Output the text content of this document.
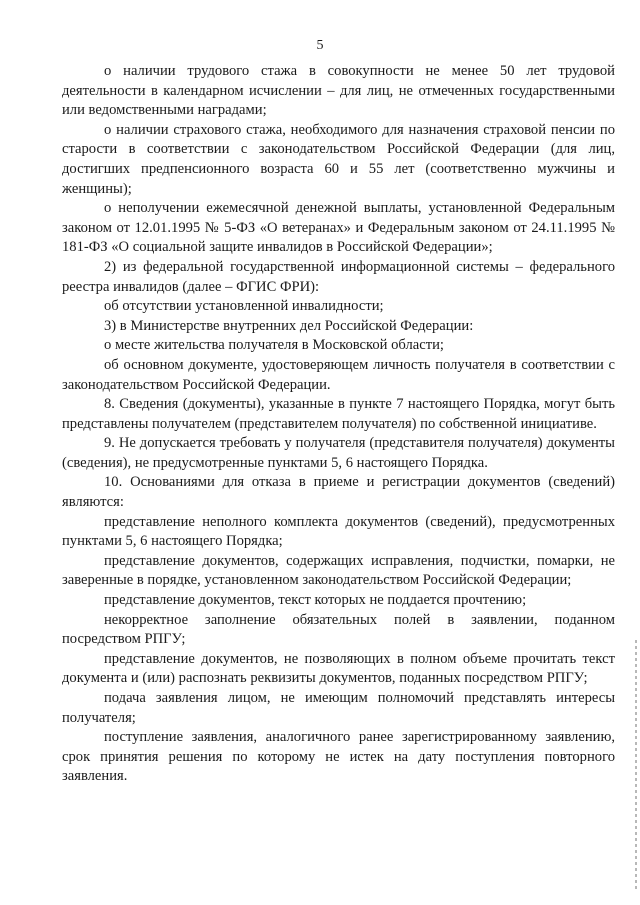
5

о наличии трудового стажа в совокупности не менее 50 лет трудовой деятельности в календарном исчислении – для лиц, не отмеченных государственными или ведомственными наградами;

о наличии страхового стажа, необходимого для назначения страховой пенсии по старости в соответствии с законодательством Российской Федерации (для лиц, достигших предпенсионного возраста 60 и 55 лет (соответственно мужчины и женщины);

о неполучении ежемесячной денежной выплаты, установленной Федеральным законом от 12.01.1995 № 5-ФЗ «О ветеранах» и Федеральным законом от 24.11.1995 № 181-ФЗ «О социальной защите инвалидов в Российской Федерации»;

2) из федеральной государственной информационной системы – федерального реестра инвалидов (далее – ФГИС ФРИ):

об отсутствии установленной инвалидности;

3) в Министерстве внутренних дел Российской Федерации:

о месте жительства получателя в Московской области;

об основном документе, удостоверяющем личность получателя в соответствии с законодательством Российской Федерации.

8. Сведения (документы), указанные в пункте 7 настоящего Порядка, могут быть представлены получателем (представителем получателя) по собственной инициативе.

9. Не допускается требовать у получателя (представителя получателя) документы (сведения), не предусмотренные пунктами 5, 6 настоящего Порядка.

10. Основаниями для отказа в приеме и регистрации документов (сведений) являются:

представление неполного комплекта документов (сведений), предусмотренных пунктами 5, 6 настоящего Порядка;

представление документов, содержащих исправления, подчистки, помарки, не заверенные в порядке, установленном законодательством Российской Федерации;

представление документов, текст которых не поддается прочтению;

некорректное заполнение обязательных полей в заявлении, поданном посредством РПГУ;

представление документов, не позволяющих в полном объеме прочитать текст документа и (или) распознать реквизиты документов, поданных посредством РПГУ;

подача заявления лицом, не имеющим полномочий представлять интересы получателя;

поступление заявления, аналогичного ранее зарегистрированному заявлению, срок принятия решения по которому не истек на дату поступления повторного заявления.
